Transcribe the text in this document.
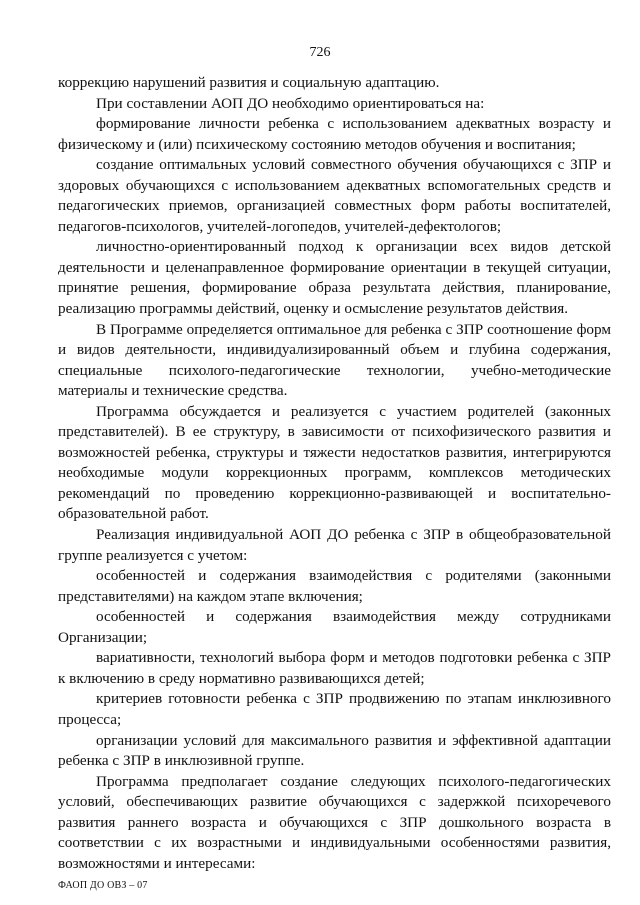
726

коррекцию нарушений развития и социальную адаптацию.

При составлении АОП ДО необходимо ориентироваться на:

формирование личности ребенка с использованием адекватных возрасту и физическому и (или) психическому состоянию методов обучения и воспитания;

создание оптимальных условий совместного обучения обучающихся с ЗПР и здоровых обучающихся с использованием адекватных вспомогательных средств и педагогических приемов, организацией совместных форм работы воспитателей, педагогов-психологов, учителей-логопедов, учителей-дефектологов;

личностно-ориентированный подход к организации всех видов детской деятельности и целенаправленное формирование ориентации в текущей ситуации, принятие решения, формирование образа результата действия, планирование, реализацию программы действий, оценку и осмысление результатов действия.

В Программе определяется оптимальное для ребенка с ЗПР соотношение форм и видов деятельности, индивидуализированный объем и глубина содержания, специальные психолого-педагогические технологии, учебно-методические материалы и технические средства.

Программа обсуждается и реализуется с участием родителей (законных представителей). В ее структуру, в зависимости от психофизического развития и возможностей ребенка, структуры и тяжести недостатков развития, интегрируются необходимые модули коррекционных программ, комплексов методических рекомендаций по проведению коррекционно-развивающей и воспитательно-образовательной работ.

Реализация индивидуальной АОП ДО ребенка с ЗПР в общеобразовательной группе реализуется с учетом:

особенностей и содержания взаимодействия с родителями (законными представителями) на каждом этапе включения;

особенностей и содержания взаимодействия между сотрудниками Организации;

вариативности, технологий выбора форм и методов подготовки ребенка с ЗПР к включению в среду нормативно развивающихся детей;

критериев готовности ребенка с ЗПР продвижению по этапам инклюзивного процесса;

организации условий для максимального развития и эффективной адаптации ребенка с ЗПР в инклюзивной группе.

Программа предполагает создание следующих психолого-педагогических условий, обеспечивающих развитие обучающихся с задержкой психоречевого развития раннего возраста и обучающихся с ЗПР дошкольного возраста в соответствии с их возрастными и индивидуальными особенностями развития, возможностями и интересами:

ФАОП ДО ОВЗ – 07
